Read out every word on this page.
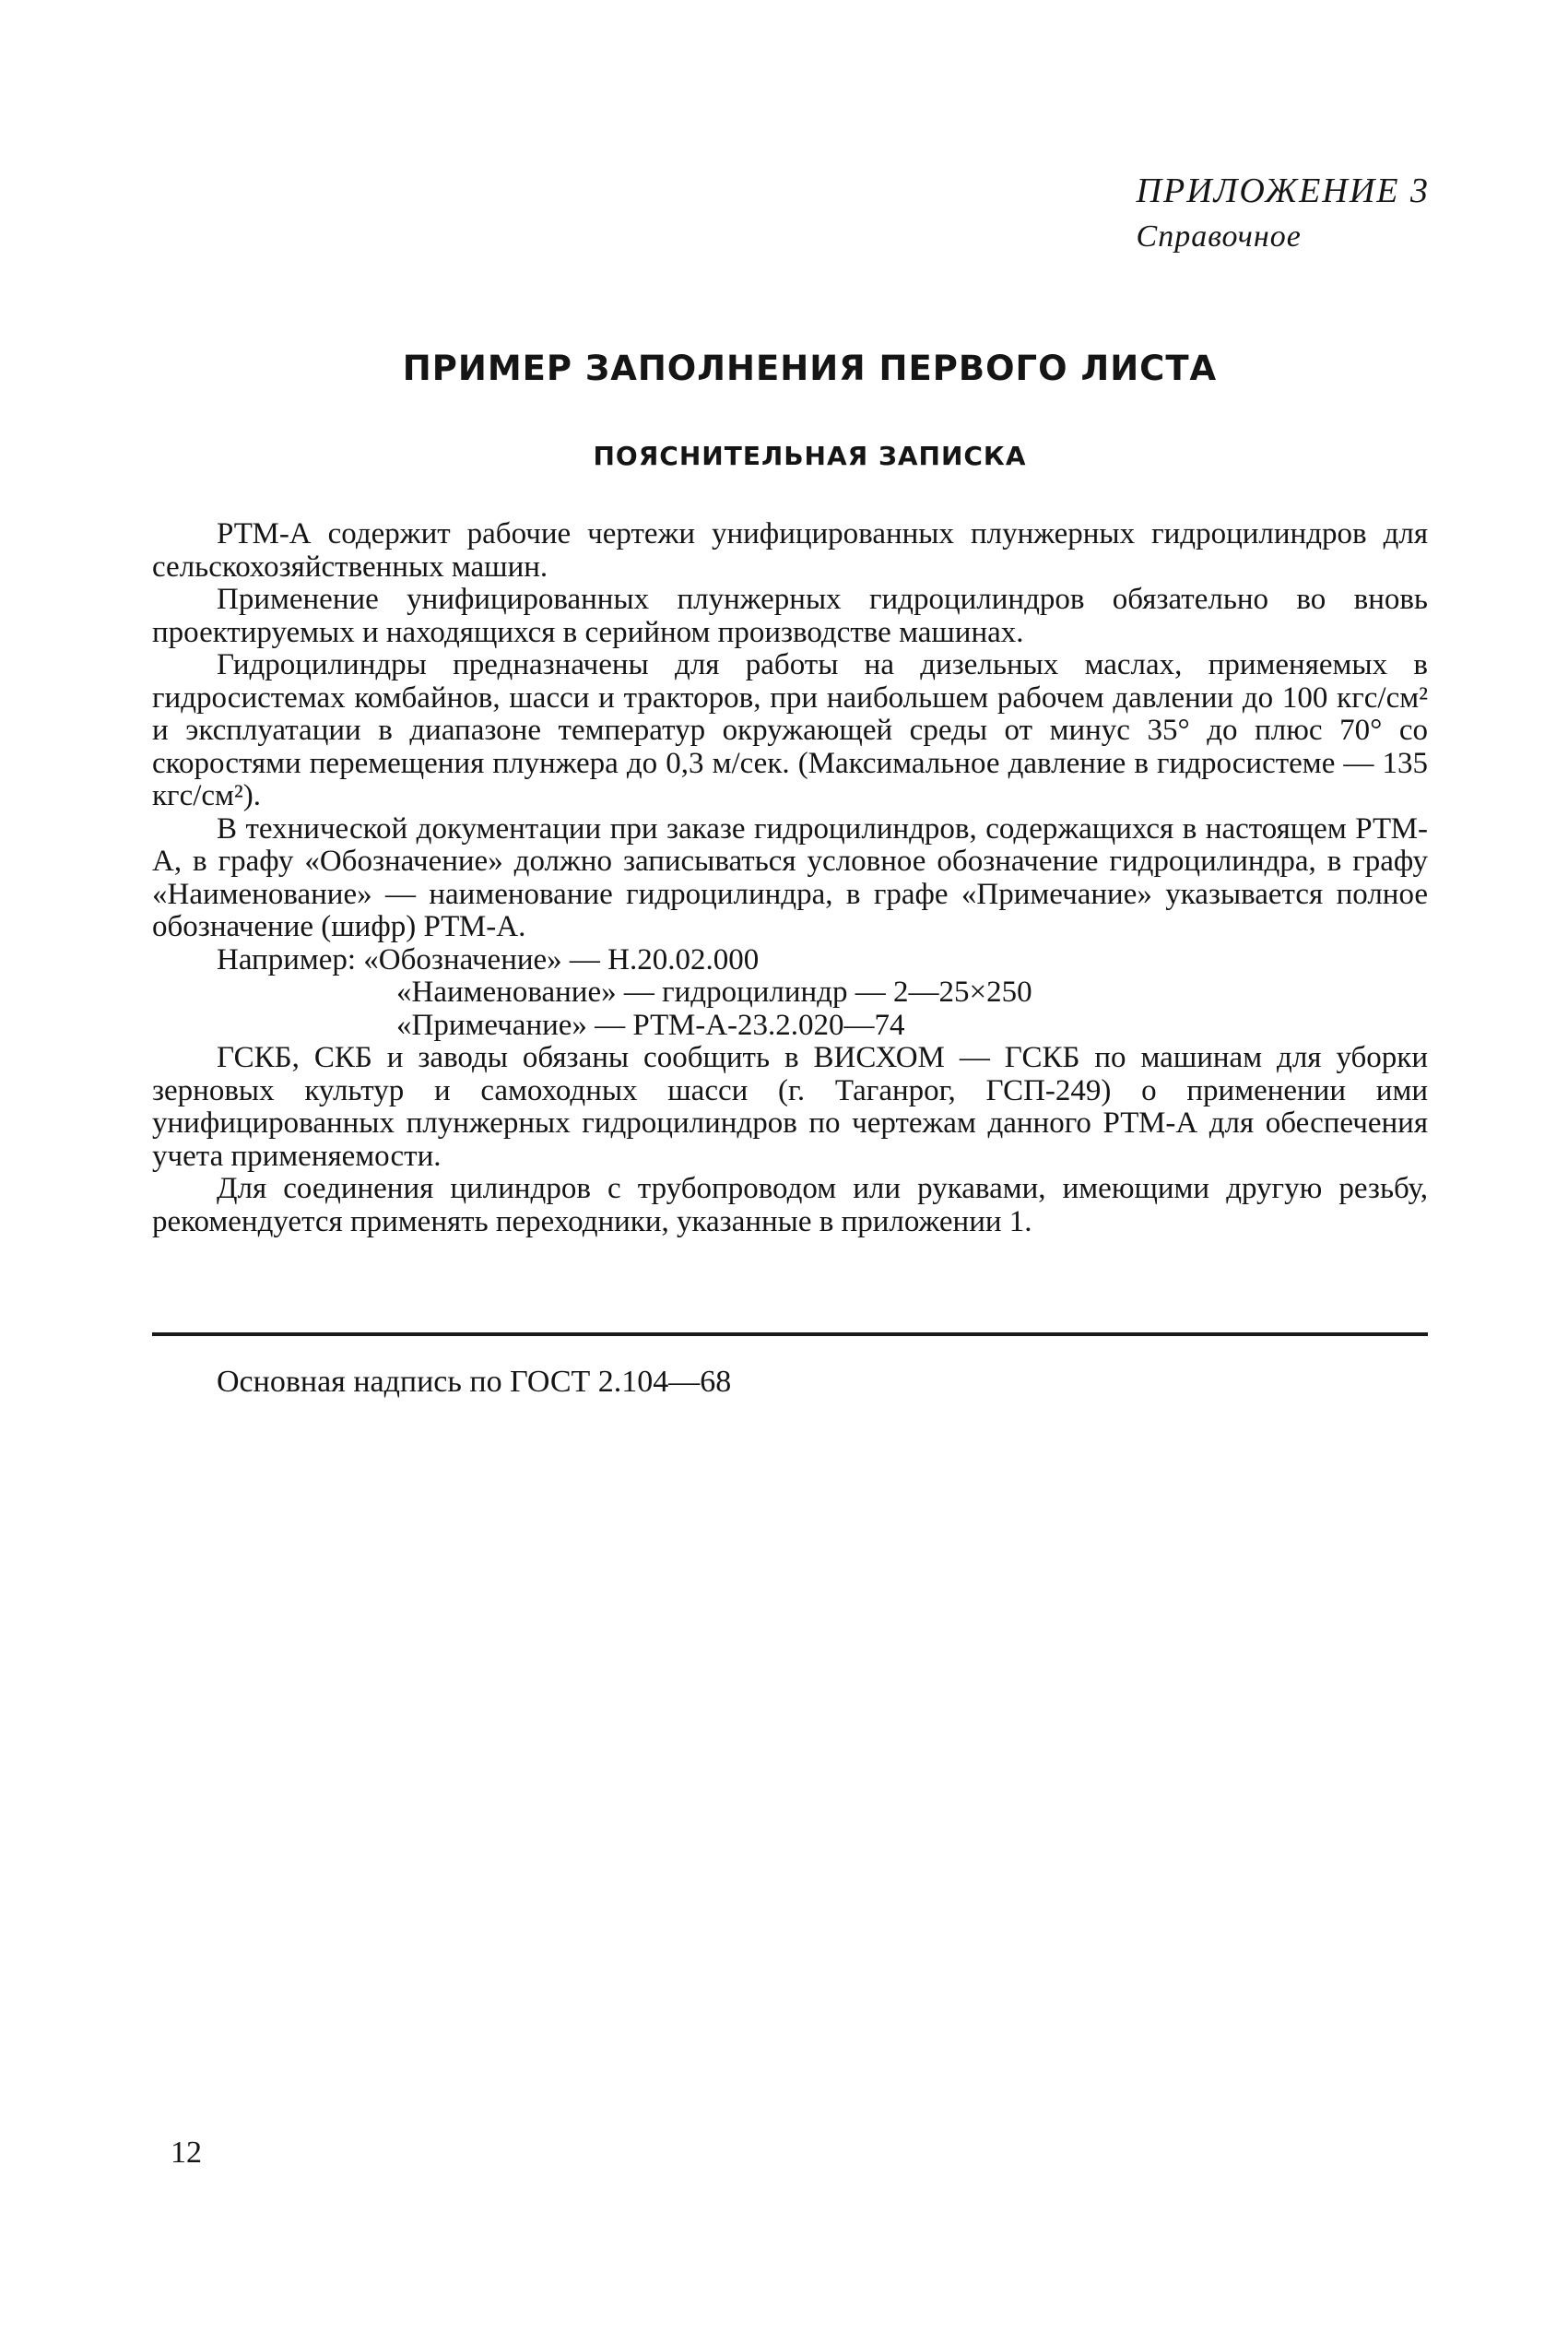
ПРИЛОЖЕНИЕ 3
Справочное
ПРИМЕР ЗАПОЛНЕНИЯ ПЕРВОГО ЛИСТА
ПОЯСНИТЕЛЬНАЯ ЗАПИСКА

РТМ-А содержит рабочие чертежи унифицированных плунжерных гидроцилиндров для сельскохозяйственных машин.

Применение унифицированных плунжерных гидроцилиндров обязательно во вновь проектируемых и находящихся в серийном производстве машинах.

Гидроцилиндры предназначены для работы на дизельных маслах, применяемых в гидросистемах комбайнов, шасси и тракторов, при наибольшем рабочем давлении до 100 кгс/см² и эксплуатации в диапазоне температур окружающей среды от минус 35° до плюс 70° со скоростями перемещения плунжера до 0,3 м/сек. (Максимальное давление в гидросистеме — 135 кгс/см²).

В технической документации при заказе гидроцилиндров, содержащихся в настоящем РТМ-А, в графу «Обозначение» должно записываться условное обозначение гидроцилиндра, в графу «Наименование» — наименование гидроцилиндра, в графе «Примечание» указывается полное обозначение (шифр) РТМ-А.

Например: «Обозначение» — Н.20.02.000
«Наименование» — гидроцилиндр — 2—25×250
«Примечание» — РТМ-А-23.2.020—74

ГСКБ, СКБ и заводы обязаны сообщить в ВИСХОМ — ГСКБ по машинам для уборки зерновых культур и самоходных шасси (г. Таганрог, ГСП-249) о применении ими унифицированных плунжерных гидроцилиндров по чертежам данного РТМ-А для обеспечения учета применяемости.

Для соединения цилиндров с трубопроводом или рукавами, имеющими другую резьбу, рекомендуется применять переходники, указанные в приложении 1.

Основная надпись по ГОСТ 2.104—68
12
